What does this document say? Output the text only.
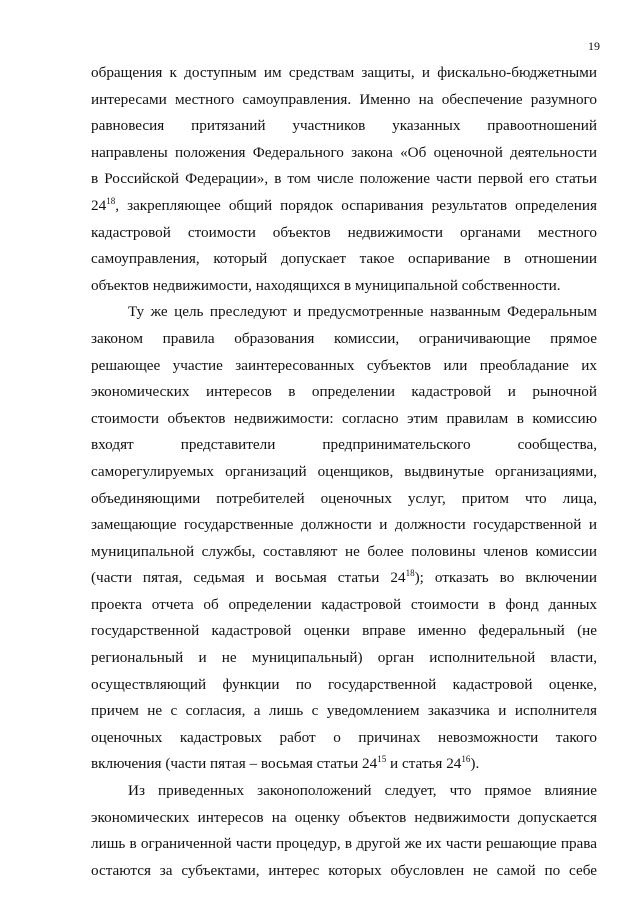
19
обращения к доступным им средствам защиты, и фискально-бюджетными
интересами местного самоуправления. Именно на обеспечение разумного
равновесия притязаний участников указанных правоотношений
направлены положения Федерального закона «Об оценочной деятельности
в Российской Федерации», в том числе положение части первой его статьи
$24^{18}$, закрепляющее общий порядок оспаривания результатов определения
кадастровой стоимости объектов недвижимости органами местного
самоуправления, который допускает такое оспаривание в отношении
объектов недвижимости, находящихся в муниципальной собственности.
Ту же цель преследуют и предусмотренные названным Федеральным
законом правила образования комиссии, ограничивающие прямое
решающее участие заинтересованных субъектов или преобладание их
экономических интересов в определении кадастровой и рыночной
стоимости объектов недвижимости: согласно этим правилам в комиссию
входят представители предпринимательского сообщества,
саморегулируемых организаций оценщиков, выдвинутые организациями,
объединяющими потребителей оценочных услуг, притом что лица,
замещающие государственные должности и должности государственной и
муниципальной службы, составляют не более половины членов комиссии
(части пятая, седьмая и восьмая статьи $24^{18}$); отказать во включении
проекта отчета об определении кадастровой стоимости в фонд данных
государственной кадастровой оценки вправе именно федеральный (не
региональный и не муниципальный) орган исполнительной власти,
осуществляющий функции по государственной кадастровой оценке,
причем не с согласия, а лишь с уведомлением заказчика и исполнителя
оценочных кадастровых работ о причинах невозможности такого
включения (части пятая – восьмая статьи $24^{15}$ и статья $24^{16}$).
Из приведенных законоположений следует, что прямое влияние
экономических интересов на оценку объектов недвижимости допускается
лишь в ограниченной части процедур, в другой же их части решающие права
остаются за субъектами, интерес которых обусловлен не самой по себе
